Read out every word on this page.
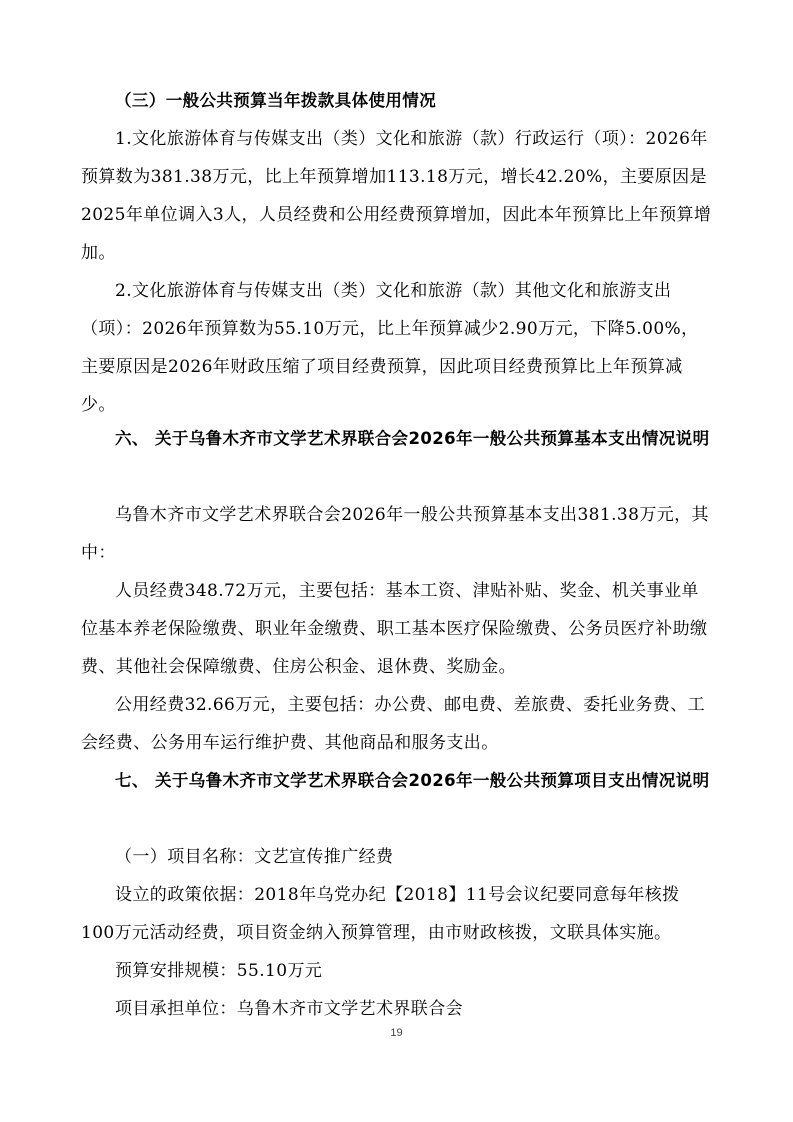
（三）一般公共预算当年拨款具体使用情况

1.文化旅游体育与传媒支出（类）文化和旅游（款）行政运行（项）：2026年预算数为381.38万元，比上年预算增加113.18万元，增长42.20%，主要原因是2025年单位调入3人，人员经费和公用经费预算增加，因此本年预算比上年预算增加。

2.文化旅游体育与传媒支出（类）文化和旅游（款）其他文化和旅游支出（项）：2026年预算数为55.10万元，比上年预算减少2.90万元，下降5.00%，主要原因是2026年财政压缩了项目经费预算，因此项目经费预算比上年预算减少。

六、 关于乌鲁木齐市文学艺术界联合会2026年一般公共预算基本支出情况说明

乌鲁木齐市文学艺术界联合会2026年一般公共预算基本支出381.38万元，其中：

人员经费348.72万元，主要包括：基本工资、津贴补贴、奖金、机关事业单位基本养老保险缴费、职业年金缴费、职工基本医疗保险缴费、公务员医疗补助缴费、其他社会保障缴费、住房公积金、退休费、奖励金。

公用经费32.66万元，主要包括：办公费、邮电费、差旅费、委托业务费、工会经费、公务用车运行维护费、其他商品和服务支出。

七、 关于乌鲁木齐市文学艺术界联合会2026年一般公共预算项目支出情况说明

（一）项目名称：文艺宣传推广经费

设立的政策依据：2018年乌党办纪【2018】11号会议纪要同意每年核拨100万元活动经费，项目资金纳入预算管理，由市财政核拨，文联具体实施。

预算安排规模：55.10万元

项目承担单位：乌鲁木齐市文学艺术界联合会

19
